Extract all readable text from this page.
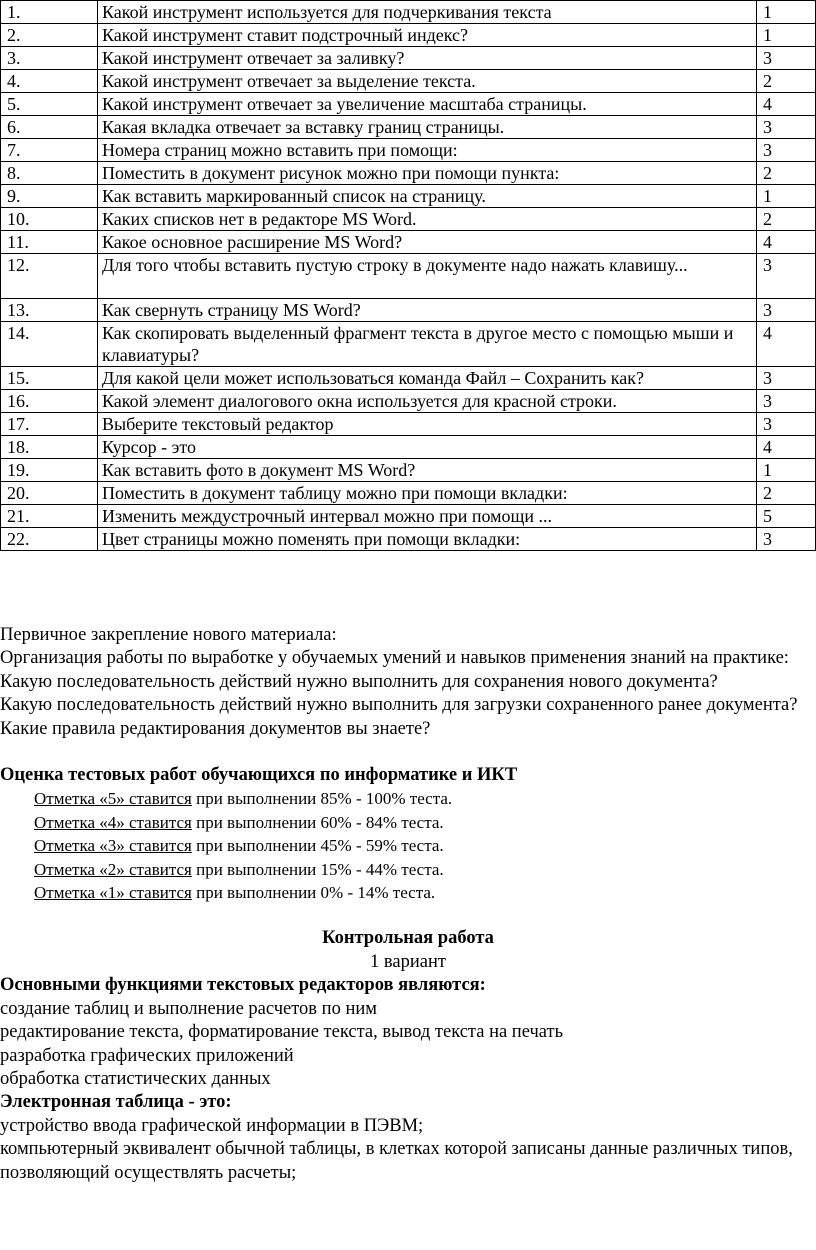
1.	Какой инструмент используется для подчеркивания текста	1
2.	Какой инструмент ставит подстрочный индекс?	1
3.	Какой инструмент отвечает за заливку?	3
4.	Какой инструмент отвечает за выделение текста.	2
5.	Какой инструмент отвечает за увеличение масштаба страницы.	4
6.	Какая вкладка отвечает за вставку границ страницы.	3
7.	Номера страниц можно вставить при помощи:	3
8.	Поместить в документ рисунок можно при помощи пункта:	2
9.	Как вставить маркированный список на страницу.	1
10.	Каких списков нет в редакторе MS Word.	2
11.	Какое основное расширение MS Word?	4
12.	Для того чтобы вставить пустую строку в документе надо нажать клавишу...	3
13.	Как свернуть страницу MS Word?	3
14.	Как скопировать выделенный фрагмент текста в другое место с помощью мыши и клавиатуры?	4
15.	Для какой цели может использоваться команда Файл – Сохранить как?	3
16.	Какой элемент диалогового окна используется для красной строки.	3
17.	Выберите текстовый редактор	3
18.	Курсор - это	4
19.	Как вставить фото в документ MS Word?	1
20.	Поместить в документ таблицу можно при помощи вкладки:	2
21.	Изменить междустрочный интервал можно при помощи ...	5
22.	Цвет страницы можно поменять при помощи вкладки:	3

Первичное закрепление нового материала:

Организация работы по выработке у обучаемых умений и навыков применения знаний на практике:

Какую последовательность действий нужно выполнить для сохранения нового документа?

Какую последовательность действий нужно выполнить для загрузки сохраненного ранее документа?

Какие правила редактирования документов вы знаете?

Оценка тестовых работ обучающихся по информатике и ИКТ

Отметка «5» ставится при выполнении 85% - 100% теста.

Отметка «4» ставится при выполнении 60% - 84% теста.

Отметка «3» ставится при выполнении 45% - 59% теста.

Отметка «2» ставится при выполнении 15% - 44% теста.

Отметка «1» ставится при выполнении 0% - 14% теста.

Контрольная работа

1 вариант

Основными функциями текстовых редакторов являются:

создание таблиц и выполнение расчетов по ним

редактирование текста, форматирование текста, вывод текста на печать

разработка графических приложений

обработка статистических данных

Электронная таблица - это:

устройство ввода графической информации в ПЭВМ;

компьютерный эквивалент обычной таблицы, в клетках которой записаны данные различных типов, позволяющий осуществлять расчеты;
